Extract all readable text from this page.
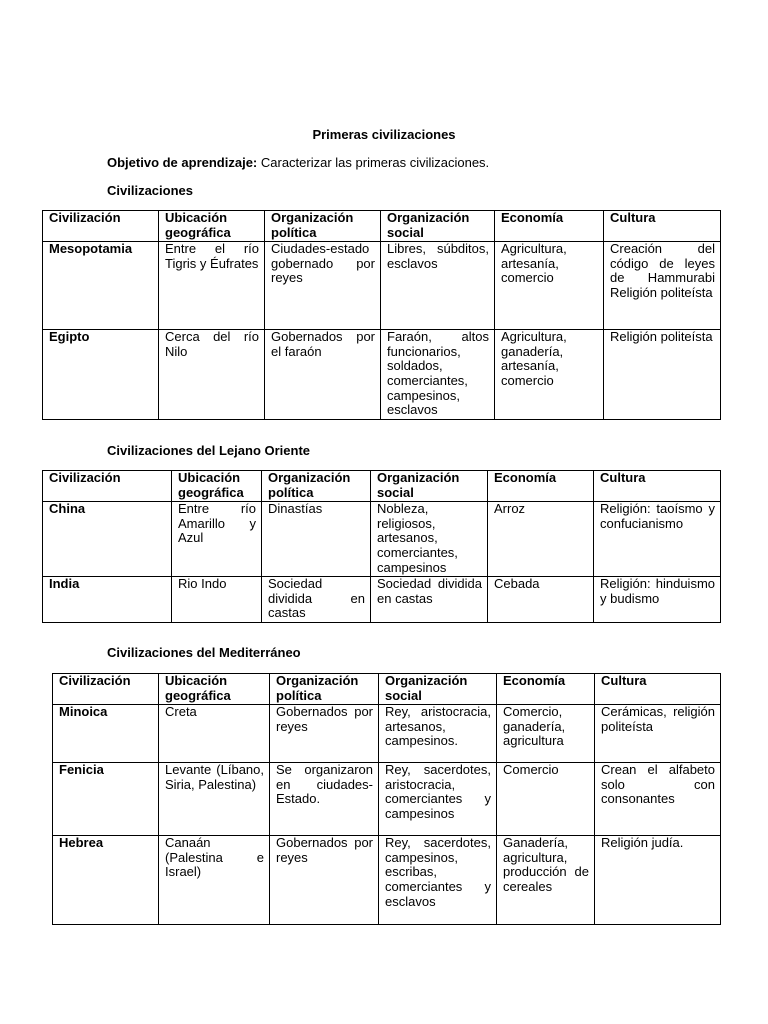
Primeras civilizaciones
Objetivo de aprendizaje: Caracterizar las primeras civilizaciones.
Civilizaciones
Civilización	Ubicación geográfica	Organización política	Organización social	Economía	Cultura
Mesopotamia	Entre el río Tigris y Éufrates	Ciudades-estado gobernado por reyes	Libres, súbditos, esclavos	Agricultura, artesanía, comercio	Creación del código de leyes de Hammurabi Religión politeísta
Egipto	Cerca del río Nilo	Gobernados por el faraón	Faraón, altos funcionarios, soldados, comerciantes, campesinos, esclavos	Agricultura, ganadería, artesanía, comercio	Religión politeísta
Civilizaciones del Lejano Oriente
Civilización	Ubicación geográfica	Organización política	Organización social	Economía	Cultura
China	Entre río Amarillo y Azul	Dinastías	Nobleza, religiosos, artesanos, comerciantes, campesinos	Arroz	Religión: taoísmo y confucianismo
India	Rio Indo	Sociedad dividida en castas	Sociedad dividida en castas	Cebada	Religión: hinduismo y budismo
Civilizaciones del Mediterráneo
Civilización	Ubicación geográfica	Organización política	Organización social	Economía	Cultura
Minoica	Creta	Gobernados por reyes	Rey, aristocracia, artesanos, campesinos.	Comercio, ganadería, agricultura	Cerámicas, religión politeísta
Fenicia	Levante (Líbano, Siria, Palestina)	Se organizaron en ciudades-Estado.	Rey, sacerdotes, aristocracia, comerciantes y campesinos	Comercio	Crean el alfabeto solo con consonantes
Hebrea	Canaán (Palestina e Israel)	Gobernados por reyes	Rey, sacerdotes, campesinos, escribas, comerciantes y esclavos	Ganadería, agricultura, producción de cereales	Religión judía.
